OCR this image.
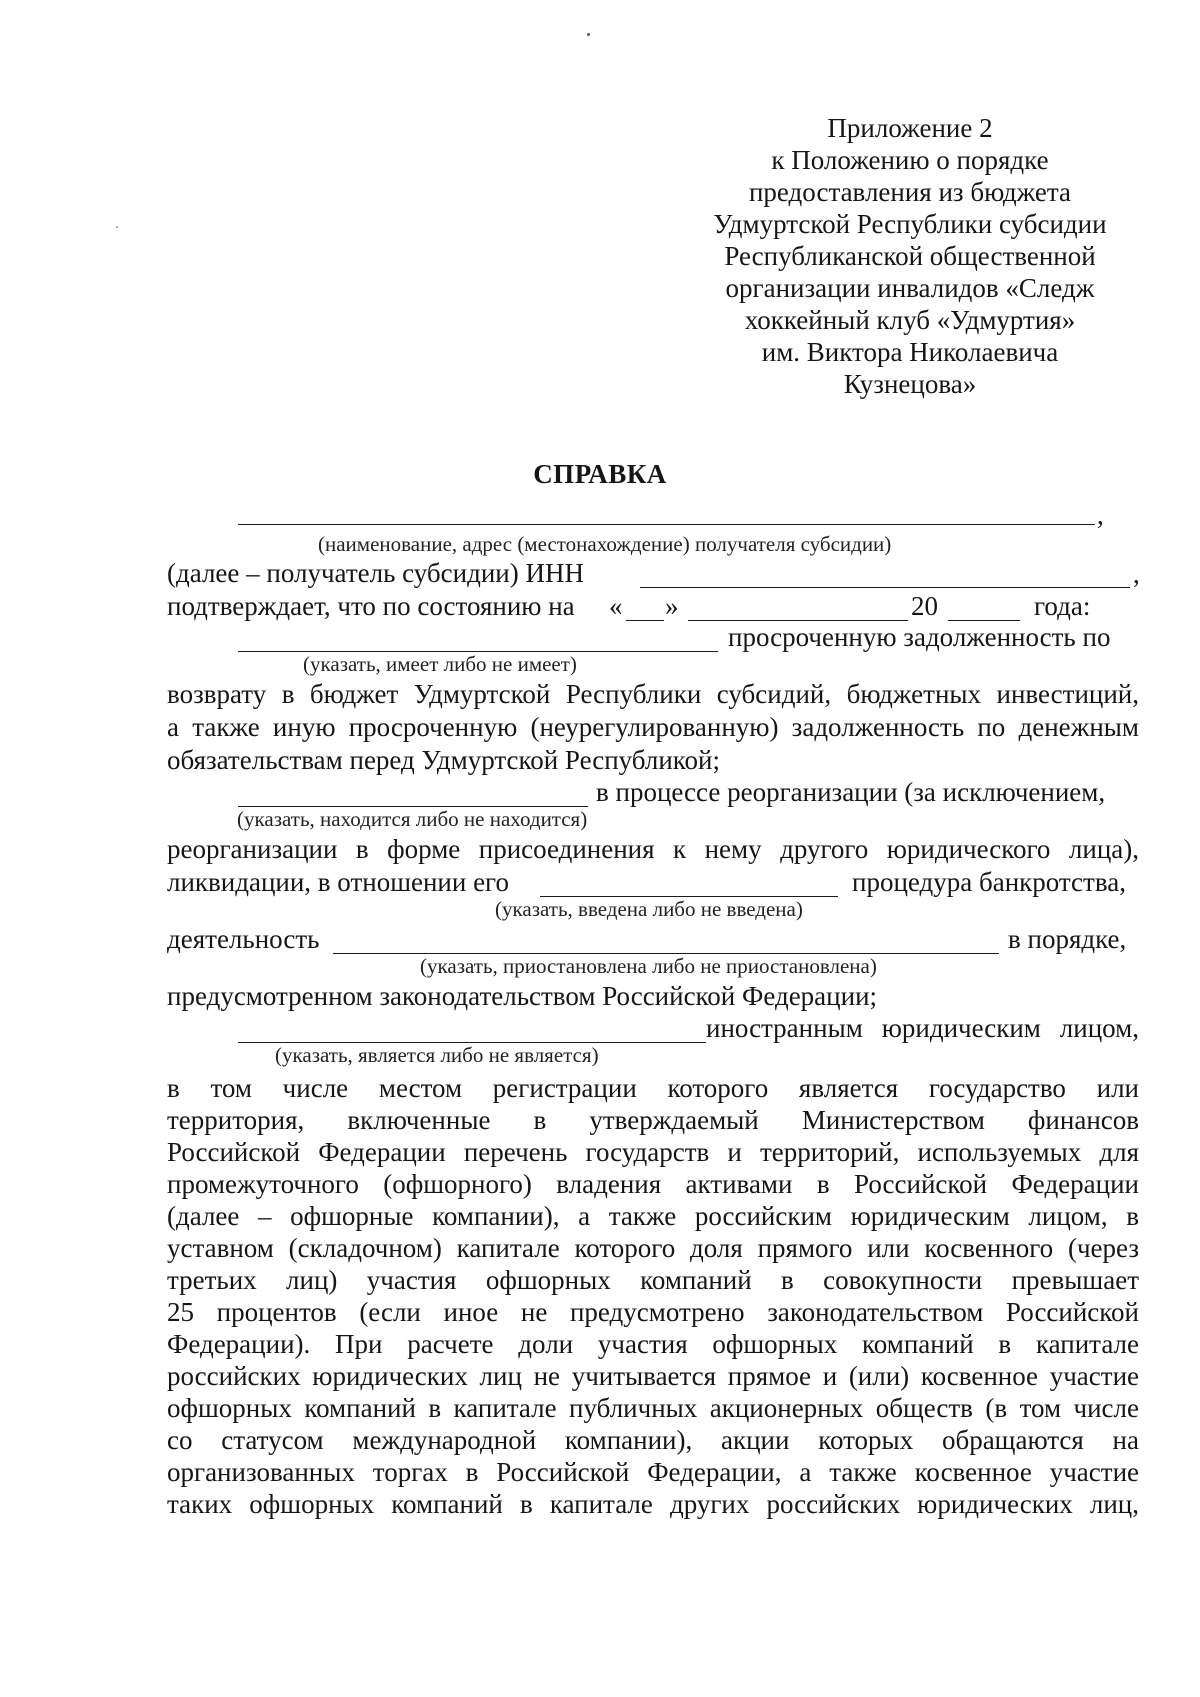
Приложение 2
к Положению о порядке
предоставления из бюджета
Удмуртской Республики субсидии
Республиканской общественной
организации инвалидов «Следж
хоккейный клуб «Удмуртия»
им. Виктора Николаевича
Кузнецова»
СПРАВКА
,
(наименование, адрес (местонахождение) получателя субсидии)
(далее – получатель субсидии) ИНН	,
подтверждает, что по состоянию на	« »	20	года:
просроченную задолженность по
(указать, имеет либо не имеет)
возврату в бюджет Удмуртской Республики субсидий, бюджетных инвестиций,
а также иную просроченную (неурегулированную) задолженность по денежным
обязательствам перед Удмуртской Республикой;
в процессе реорганизации (за исключением,
(указать, находится либо не находится)
реорганизации в форме присоединения к нему другого юридического лица),
ликвидации, в отношении его	процедура банкротства,
(указать, введена либо не введена)
деятельность	в порядке,
(указать, приостановлена либо не приостановлена)
предусмотренном законодательством Российской Федерации;
иностранным юридическим лицом,
(указать, является либо не является)
в том числе местом регистрации которого является государство или
территория, включенные в утверждаемый Министерством финансов
Российской Федерации перечень государств и территорий, используемых для
промежуточного (офшорного) владения активами в Российской Федерации
(далее – офшорные компании), а также российским юридическим лицом, в
уставном (складочном) капитале которого доля прямого или косвенного (через
третьих лиц) участия офшорных компаний в совокупности превышает
25 процентов (если иное не предусмотрено законодательством Российской
Федерации). При расчете доли участия офшорных компаний в капитале
российских юридических лиц не учитывается прямое и (или) косвенное участие
офшорных компаний в капитале публичных акционерных обществ (в том числе
со статусом международной компании), акции которых обращаются на
организованных торгах в Российской Федерации, а также косвенное участие
таких офшорных компаний в капитале других российских юридических лиц,
